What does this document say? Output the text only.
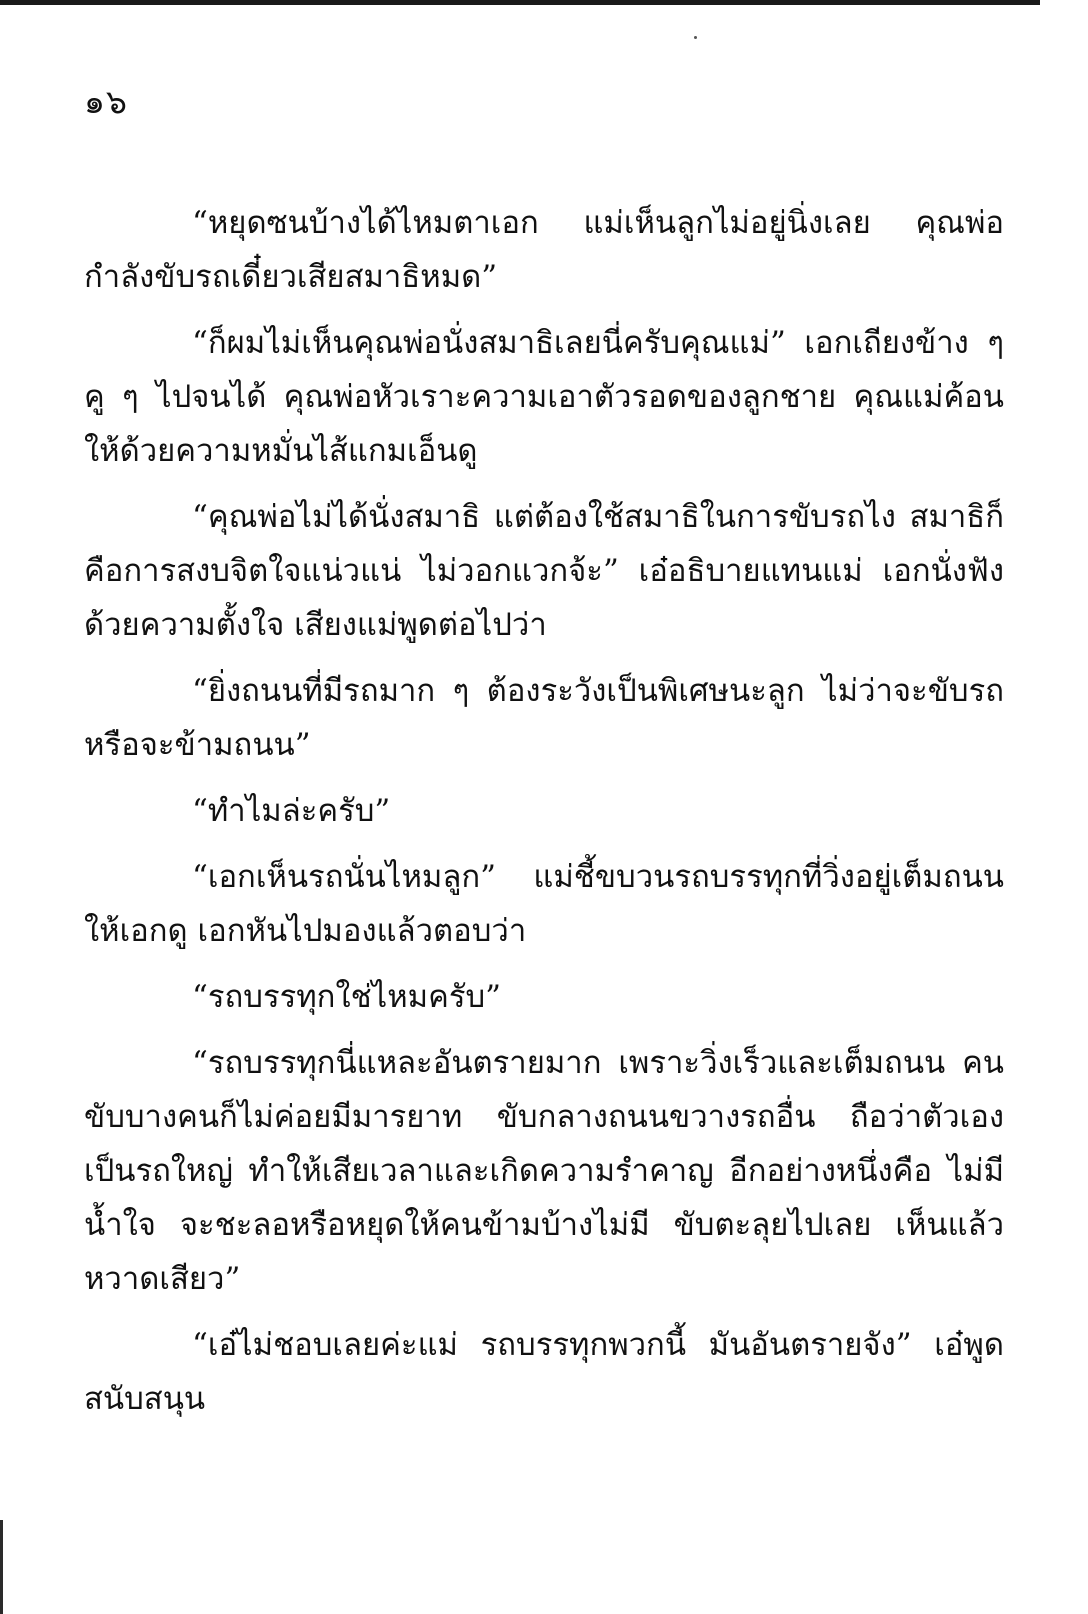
๑๖
“หยุดซนบ้างได้ไหมตาเอก แม่เห็นลูกไม่อยู่นิ่งเลย คุณพ่อ
กำลังขับรถเดี๋ยวเสียสมาธิหมด”
“ก็ผมไม่เห็นคุณพ่อนั่งสมาธิเลยนี่ครับคุณแม่” เอกเถียงข้าง ๆ
คู ๆ ไปจนได้ คุณพ่อหัวเราะความเอาตัวรอดของลูกชาย คุณแม่ค้อน
ให้ด้วยความหมั่นไส้แกมเอ็นดู
“คุณพ่อไม่ได้นั่งสมาธิ แต่ต้องใช้สมาธิในการขับรถไง สมาธิก็
คือการสงบจิตใจแน่วแน่ ไม่วอกแวกจ้ะ” เอ๋อธิบายแทนแม่ เอกนั่งฟัง
ด้วยความตั้งใจ เสียงแม่พูดต่อไปว่า
“ยิ่งถนนที่มีรถมาก ๆ ต้องระวังเป็นพิเศษนะลูก ไม่ว่าจะขับรถ
หรือจะข้ามถนน”
“ทำไมล่ะครับ”
“เอกเห็นรถนั่นไหมลูก” แม่ชี้ขบวนรถบรรทุกที่วิ่งอยู่เต็มถนน
ให้เอกดู เอกหันไปมองแล้วตอบว่า
“รถบรรทุกใช่ไหมครับ”
“รถบรรทุกนี่แหละอันตรายมาก เพราะวิ่งเร็วและเต็มถนน คน
ขับบางคนก็ไม่ค่อยมีมารยาท ขับกลางถนนขวางรถอื่น ถือว่าตัวเอง
เป็นรถใหญ่ ทำให้เสียเวลาและเกิดความรำคาญ อีกอย่างหนึ่งคือ ไม่มี
น้ำใจ จะชะลอหรือหยุดให้คนข้ามบ้างไม่มี ขับตะลุยไปเลย เห็นแล้ว
หวาดเสียว”
“เอ๋ไม่ชอบเลยค่ะแม่ รถบรรทุกพวกนี้ มันอันตรายจัง” เอ๋พูด
สนับสนุน
